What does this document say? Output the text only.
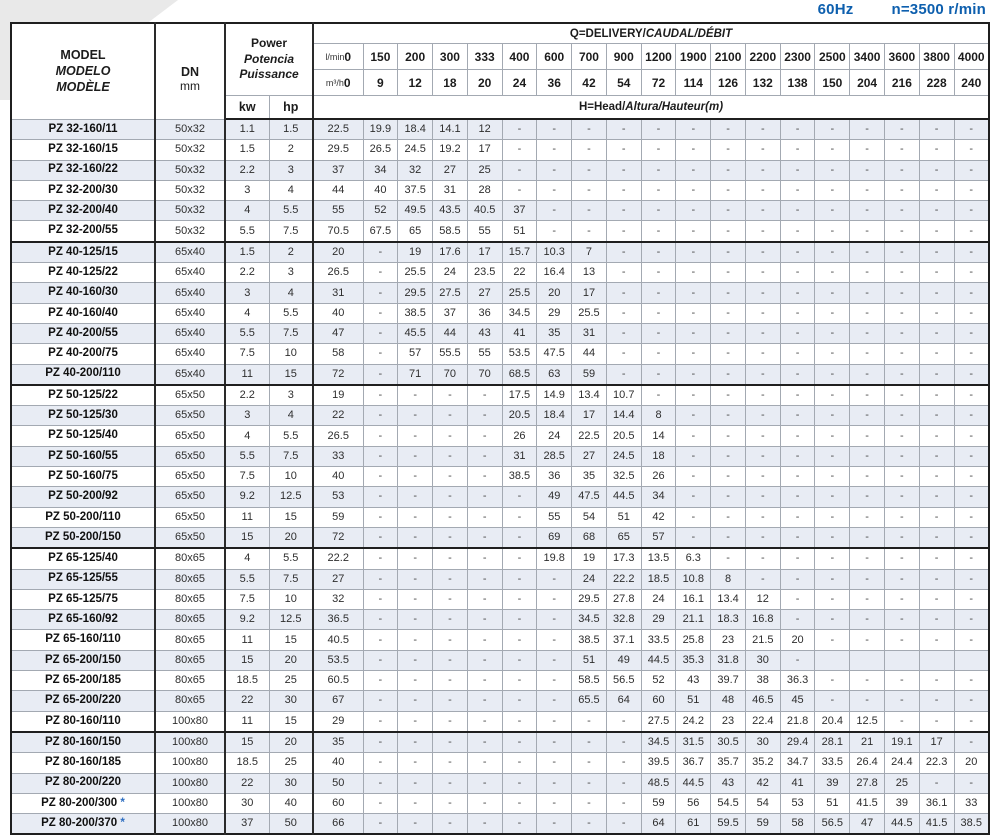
60Hz	n=3500 r/min
MODEL
MODELO
MODÈLE	DN
mm	Power
Potencia
Puissance		Q=DELIVERY/CAUDAL/DÉBIT																		
				l/min0	150	200	300	333	400	600	700	900	1200	1900	2100	2200	2300	2500	3400	3600	3800	4000
				m³/h0	9	12	18	20	24	36	42	54	72	114	126	132	138	150	204	216	228	240
		kw	hp	H=Head/Altura/Hauteur(m)																		
PZ 32-160/11	50x32	1.1	1.5	22.5	19.9	18.4	14.1	12	-	-	-	-	-	-	-	-	-	-	-	-	-	-
PZ 32-160/15	50x32	1.5	2	29.5	26.5	24.5	19.2	17	-	-	-	-	-	-	-	-	-	-	-	-	-	-
PZ 32-160/22	50x32	2.2	3	37	34	32	27	25	-	-	-	-	-	-	-	-	-	-	-	-	-	-
PZ 32-200/30	50x32	3	4	44	40	37.5	31	28	-	-	-	-	-	-	-	-	-	-	-	-	-	-
PZ 32-200/40	50x32	4	5.5	55	52	49.5	43.5	40.5	37	-	-	-	-	-	-	-	-	-	-	-	-	-
PZ 32-200/55	50x32	5.5	7.5	70.5	67.5	65	58.5	55	51	-	-	-	-	-	-	-	-	-	-	-	-	-
PZ 40-125/15	65x40	1.5	2	20	-	19	17.6	17	15.7	10.3	7	-	-	-	-	-	-	-	-	-	-	-
PZ 40-125/22	65x40	2.2	3	26.5	-	25.5	24	23.5	22	16.4	13	-	-	-	-	-	-	-	-	-	-	-
PZ 40-160/30	65x40	3	4	31	-	29.5	27.5	27	25.5	20	17	-	-	-	-	-	-	-	-	-	-	-
PZ 40-160/40	65x40	4	5.5	40	-	38.5	37	36	34.5	29	25.5	-	-	-	-	-	-	-	-	-	-	-
PZ 40-200/55	65x40	5.5	7.5	47	-	45.5	44	43	41	35	31	-	-	-	-	-	-	-	-	-	-	-
PZ 40-200/75	65x40	7.5	10	58	-	57	55.5	55	53.5	47.5	44	-	-	-	-	-	-	-	-	-	-	-
PZ 40-200/110	65x40	11	15	72	-	71	70	70	68.5	63	59	-	-	-	-	-	-	-	-	-	-	-
PZ 50-125/22	65x50	2.2	3	19	-	-	-	-	17.5	14.9	13.4	10.7	-	-	-	-	-	-	-	-	-	-
PZ 50-125/30	65x50	3	4	22	-	-	-	-	20.5	18.4	17	14.4	8	-	-	-	-	-	-	-	-	-
PZ 50-125/40	65x50	4	5.5	26.5	-	-	-	-	26	24	22.5	20.5	14	-	-	-	-	-	-	-	-	-
PZ 50-160/55	65x50	5.5	7.5	33	-	-	-	-	31	28.5	27	24.5	18	-	-	-	-	-	-	-	-	-
PZ 50-160/75	65x50	7.5	10	40	-	-	-	-	38.5	36	35	32.5	26	-	-	-	-	-	-	-	-	-
PZ 50-200/92	65x50	9.2	12.5	53	-	-	-	-	-	49	47.5	44.5	34	-	-	-	-	-	-	-	-	-
PZ 50-200/110	65x50	11	15	59	-	-	-	-	-	55	54	51	42	-	-	-	-	-	-	-	-	-
PZ 50-200/150	65x50	15	20	72	-	-	-	-	-	69	68	65	57	-	-	-	-	-	-	-	-	-
PZ 65-125/40	80x65	4	5.5	22.2	-	-	-	-	-	19.8	19	17.3	13.5	6.3	-	-	-	-	-	-	-	-
PZ 65-125/55	80x65	5.5	7.5	27	-	-	-	-	-	-	24	22.2	18.5	10.8	8	-	-	-	-	-	-	-
PZ 65-125/75	80x65	7.5	10	32	-	-	-	-	-	-	29.5	27.8	24	16.1	13.4	12	-	-	-	-	-	-
PZ 65-160/92	80x65	9.2	12.5	36.5	-	-	-	-	-	-	34.5	32.8	29	21.1	18.3	16.8	-	-	-	-	-	-
PZ 65-160/110	80x65	11	15	40.5	-	-	-	-	-	-	38.5	37.1	33.5	25.8	23	21.5	20	-	-	-	-	-
PZ 65-200/150	80x65	15	20	53.5	-	-	-	-	-	-	51	49	44.5	35.3	31.8	30	-					
PZ 65-200/185	80x65	18.5	25	60.5	-	-	-	-	-	-	58.5	56.5	52	43	39.7	38	36.3	-	-	-	-	-
PZ 65-200/220	80x65	22	30	67	-	-	-	-	-	-	65.5	64	60	51	48	46.5	45	-	-	-	-	-
PZ 80-160/110	100x80	11	15	29	-	-	-	-	-	-	-	-	27.5	24.2	23	22.4	21.8	20.4	12.5	-	-	-
PZ 80-160/150	100x80	15	20	35	-	-	-	-	-	-	-	-	34.5	31.5	30.5	30	29.4	28.1	21	19.1	17	-
PZ 80-160/185	100x80	18.5	25	40	-	-	-	-	-	-	-	-	39.5	36.7	35.7	35.2	34.7	33.5	26.4	24.4	22.3	20
PZ 80-200/220	100x80	22	30	50	-	-	-	-	-	-	-	-	48.5	44.5	43	42	41	39	27.8	25	-	-
PZ 80-200/300 *	100x80	30	40	60	-	-	-	-	-	-	-	-	59	56	54.5	54	53	51	41.5	39	36.1	33
PZ 80-200/370 *	100x80	37	50	66	-	-	-	-	-	-	-	-	64	61	59.5	59	58	56.5	47	44.5	41.5	38.5
